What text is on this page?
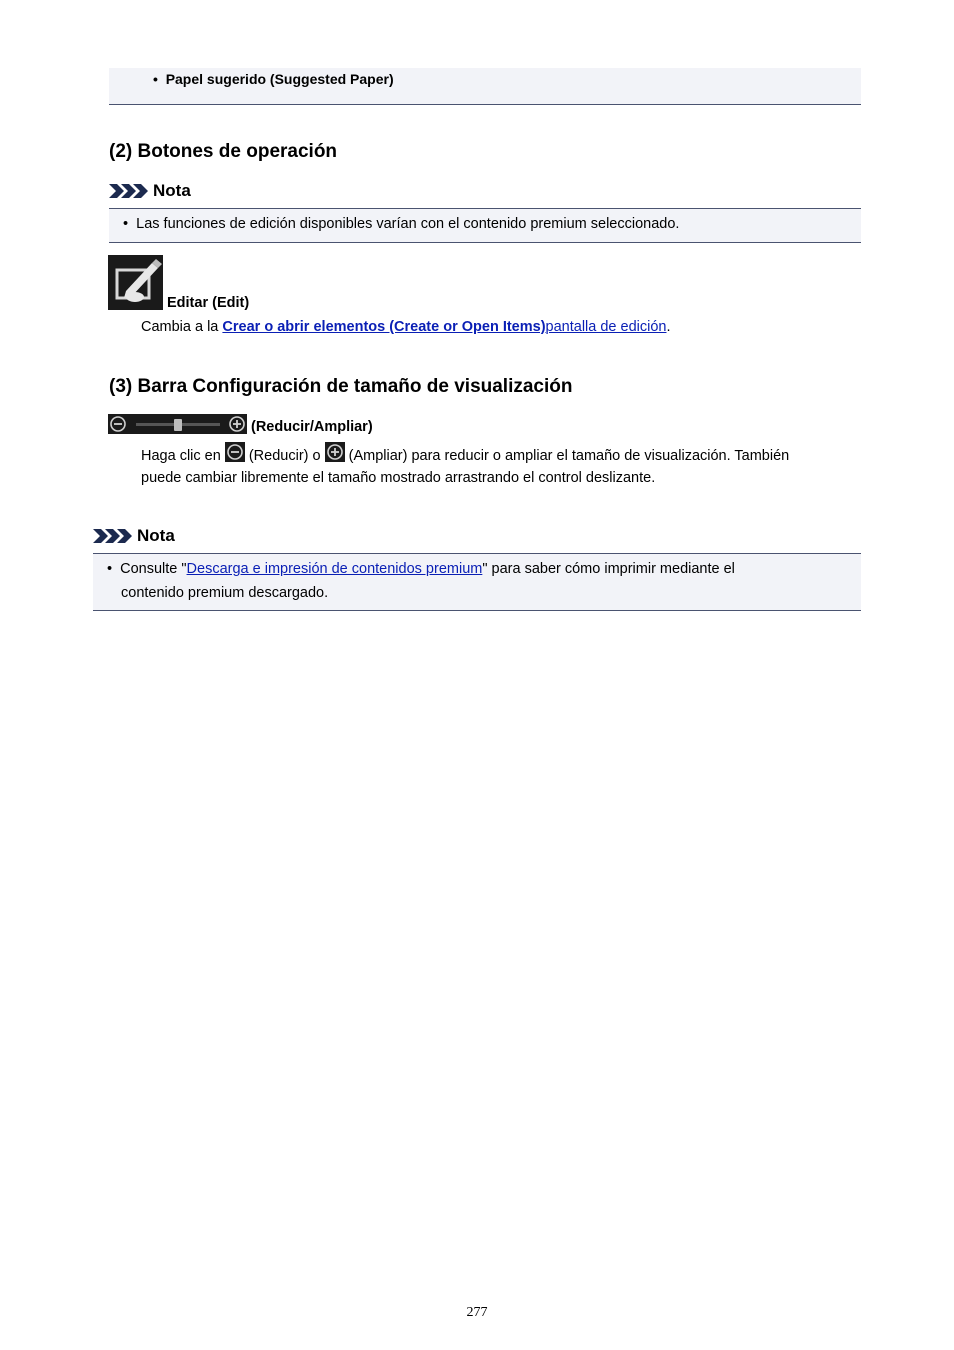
• Papel sugerido (Suggested Paper)
(2) Botones de operación
Nota
• Las funciones de edición disponibles varían con el contenido premium seleccionado.
Editar (Edit)
Cambia a la Crear o abrir elementos (Create or Open Items)pantalla de edición.
(3) Barra Configuración de tamaño de visualización
(Reducir/Ampliar)
Haga clic en  (Reducir) o  (Ampliar) para reducir o ampliar el tamaño de visualización. También
puede cambiar libremente el tamaño mostrado arrastrando el control deslizante.
Nota
• Consulte "Descarga e impresión de contenidos premium" para saber cómo imprimir mediante el
contenido premium descargado.
277
